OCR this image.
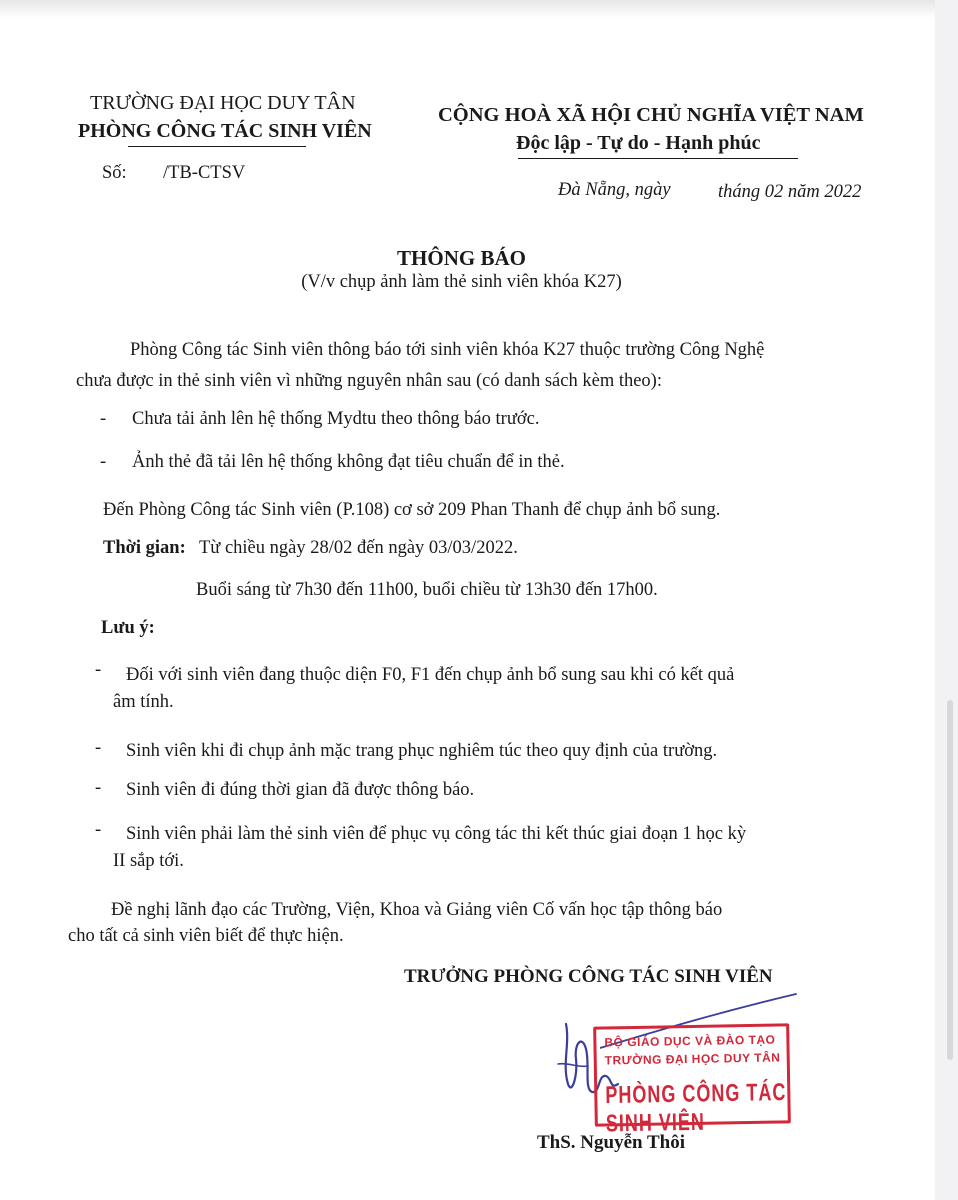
TRƯỜNG ĐẠI HỌC DUY TÂN
PHÒNG CÔNG TÁC SINH VIÊN
Số: /TB-CTSV
CỘNG HOÀ XÃ HỘI CHỦ NGHĨA VIỆT NAM
Độc lập - Tự do - Hạnh phúc
Đà Nẵng, ngày	tháng 02 năm 2022
THÔNG BÁO
(V/v chụp ảnh làm thẻ sinh viên khóa K27)
Phòng Công tác Sinh viên thông báo tới sinh viên khóa K27 thuộc trường Công Nghệ
chưa được in thẻ sinh viên vì những nguyên nhân sau (có danh sách kèm theo):
- Chưa tải ảnh lên hệ thống Mydtu theo thông báo trước.
- Ảnh thẻ đã tải lên hệ thống không đạt tiêu chuẩn để in thẻ.
Đến Phòng Công tác Sinh viên (P.108) cơ sở 209 Phan Thanh để chụp ảnh bổ sung.
Thời gian: Từ chiều ngày 28/02 đến ngày 03/03/2022.
Buổi sáng từ 7h30 đến 11h00, buổi chiều từ 13h30 đến 17h00.
Lưu ý:
- Đối với sinh viên đang thuộc diện F0, F1 đến chụp ảnh bổ sung sau khi có kết quả
âm tính.
- Sinh viên khi đi chụp ảnh mặc trang phục nghiêm túc theo quy định của trường.
- Sinh viên đi đúng thời gian đã được thông báo.
- Sinh viên phải làm thẻ sinh viên để phục vụ công tác thi kết thúc giai đoạn 1 học kỳ
II sắp tới.
Đề nghị lãnh đạo các Trường, Viện, Khoa và Giảng viên Cố vấn học tập thông báo
cho tất cả sinh viên biết để thực hiện.
TRƯỞNG PHÒNG CÔNG TÁC SINH VIÊN
BỘ GIÁO DỤC VÀ ĐÀO TẠO
TRƯỜNG ĐẠI HỌC DUY TÂN
PHÒNG CÔNG TÁC SINH VIÊN
ThS. Nguyễn Thôi
